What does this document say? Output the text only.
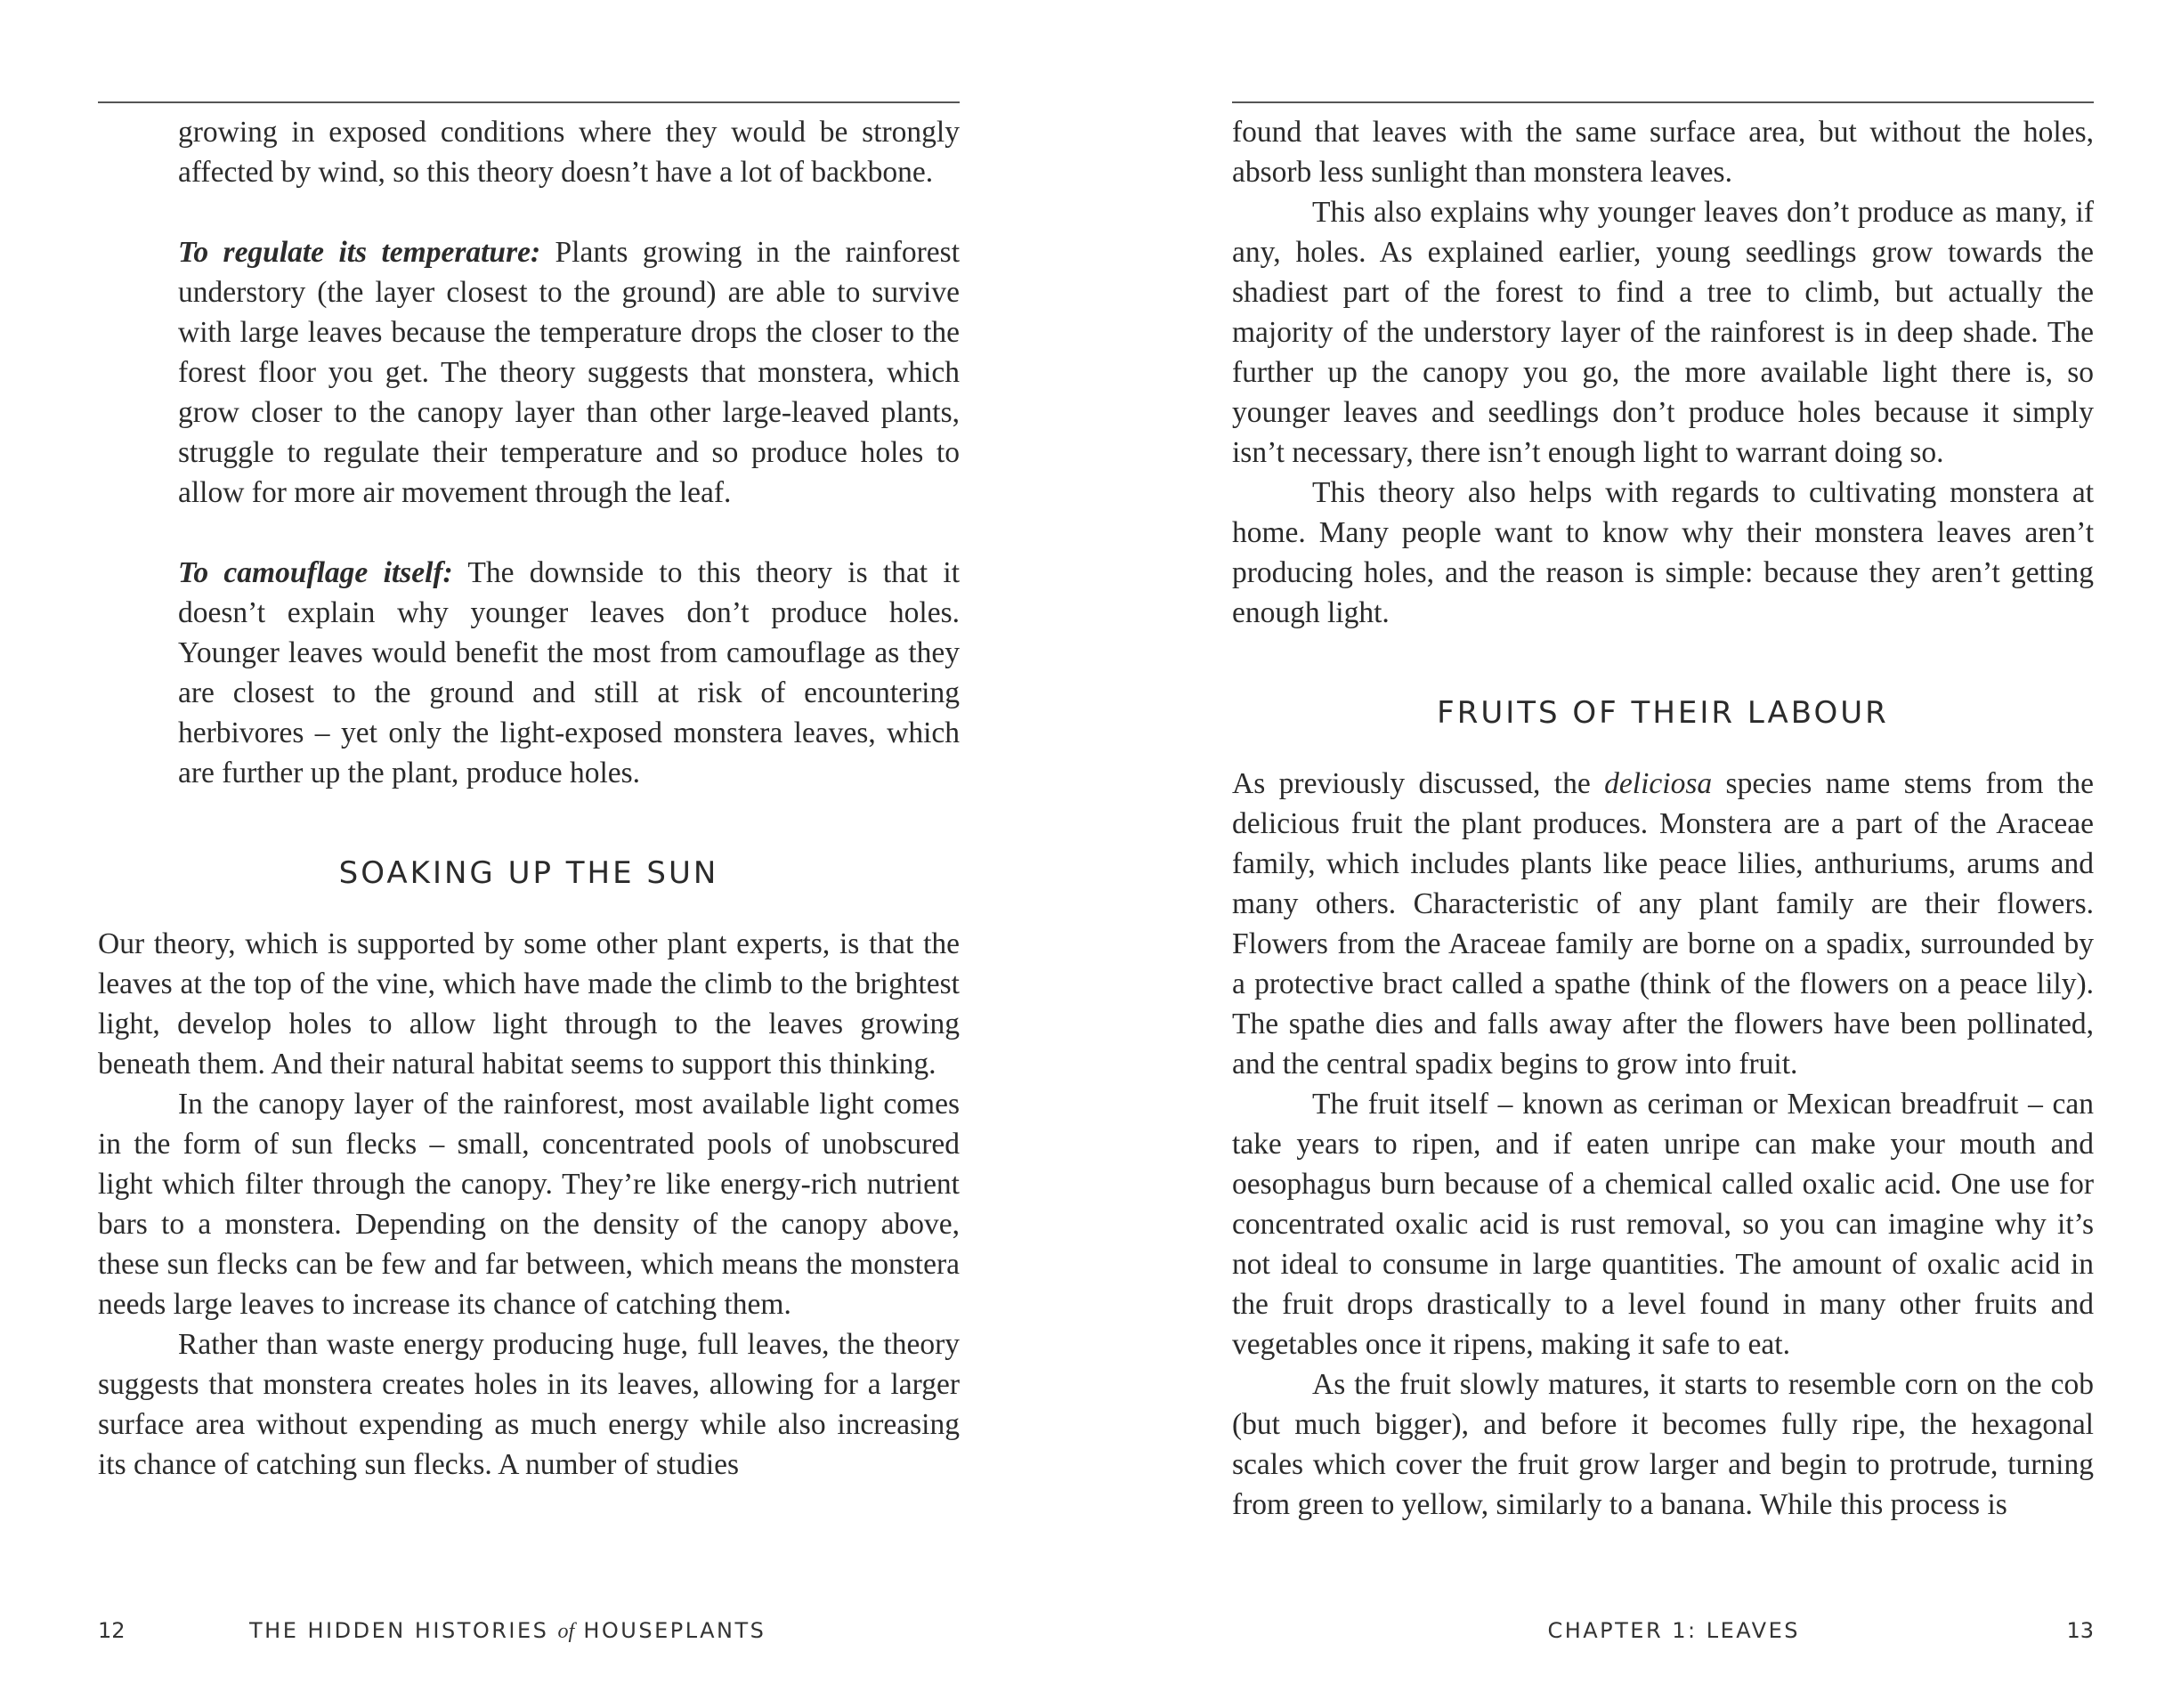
growing in exposed conditions where they would be strongly affected by wind, so this theory doesn’t have a lot of backbone.

To regulate its temperature: Plants growing in the rainforest understory (the layer closest to the ground) are able to survive with large leaves because the temperature drops the closer to the forest floor you get. The theory suggests that monstera, which grow closer to the canopy layer than other large-leaved plants, struggle to regulate their temperature and so produce holes to allow for more air movement through the leaf.

To camouflage itself: The downside to this theory is that it doesn’t explain why younger leaves don’t produce holes. Younger leaves would benefit the most from camouflage as they are closest to the ground and still at risk of encountering herbivores – yet only the light-exposed monstera leaves, which are further up the plant, produce holes.

SOAKING UP THE SUN

Our theory, which is supported by some other plant experts, is that the leaves at the top of the vine, which have made the climb to the brightest light, develop holes to allow light through to the leaves growing beneath them. And their natural habitat seems to support this thinking.

In the canopy layer of the rainforest, most available light comes in the form of sun flecks – small, concentrated pools of unobscured light which filter through the canopy. They’re like energy-rich nutrient bars to a monstera. Depending on the density of the canopy above, these sun flecks can be few and far between, which means the monstera needs large leaves to increase its chance of catching them.

Rather than waste energy producing huge, full leaves, the theory suggests that monstera creates holes in its leaves, allowing for a larger surface area without expending as much energy while also increasing its chance of catching sun flecks. A number of studies

12	THE HIDDEN HISTORIES of HOUSEPLANTS

found that leaves with the same surface area, but without the holes, absorb less sunlight than monstera leaves.

This also explains why younger leaves don’t produce as many, if any, holes. As explained earlier, young seedlings grow towards the shadiest part of the forest to find a tree to climb, but actually the majority of the understory layer of the rainforest is in deep shade. The further up the canopy you go, the more available light there is, so younger leaves and seedlings don’t produce holes because it simply isn’t necessary, there isn’t enough light to warrant doing so.

This theory also helps with regards to cultivating monstera at home. Many people want to know why their monstera leaves aren’t producing holes, and the reason is simple: because they aren’t getting enough light.

FRUITS OF THEIR LABOUR

As previously discussed, the deliciosa species name stems from the delicious fruit the plant produces. Monstera are a part of the Araceae family, which includes plants like peace lilies, anthuriums, arums and many others. Characteristic of any plant family are their flowers. Flowers from the Araceae family are borne on a spadix, surrounded by a protective bract called a spathe (think of the flowers on a peace lily). The spathe dies and falls away after the flowers have been pollinated, and the central spadix begins to grow into fruit.

The fruit itself – known as ceriman or Mexican breadfruit – can take years to ripen, and if eaten unripe can make your mouth and oesophagus burn because of a chemical called oxalic acid. One use for concentrated oxalic acid is rust removal, so you can imagine why it’s not ideal to consume in large quantities. The amount of oxalic acid in the fruit drops drastically to a level found in many other fruits and vegetables once it ripens, making it safe to eat.

As the fruit slowly matures, it starts to resemble corn on the cob (but much bigger), and before it becomes fully ripe, the hexagonal scales which cover the fruit grow larger and begin to protrude, turning from green to yellow, similarly to a banana. While this process is

CHAPTER 1: LEAVES	13
